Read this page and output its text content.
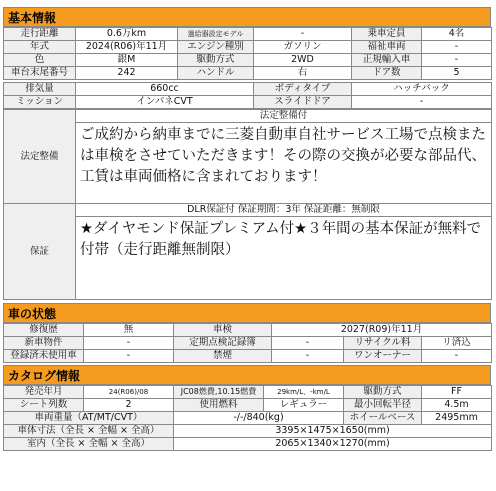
基本情報
走行距離	0.6万km	過給器設定モデル	-	乗車定員	4名
年式	2024(R06)年11月	エンジン種別	ガソリン	福祉車両	-
色	銀M	駆動方式	2WD	正規輸入車	-
車台末尾番号	242	ハンドル	右	ドア数	5
排気量	660cc	ボディタイプ	ハッチバック
ミッション	インパネCVT	スライドドア	-
法定整備	法定整備付
	ご成約から納車までに三菱自動車自社サービス工場で点検または車検をさせていただきます！その際の交換が必要な部品代、工賃は車両価格に含まれております！
保証	DLR保証付 保証期間：3年 保証距離：無制限
	★ダイヤモンド保証プレミアム付★３年間の基本保証が無料で付帯（走行距離無制限）
車の状態
修復歴	無	車検	2027(R09)年11月		
新車物件	-	定期点検記録簿	-	リサイクル料	リ済込
登録済未使用車	-	禁煙	-	ワンオーナー	-
カタログ情報
発売年月	24(R06)/08	JC08燃費,10.15燃費	29km/L、-km/L	駆動方式	FF
シート列数	2	使用燃料	レギュラー	最小回転半径	4.5m
車両重量（AT/MT/CVT）		-/-/840(kg)		ホイールベース	2495mm
車体寸法（全長 × 全幅 × 全高）		3395×1475×1650(mm)			
室内（全長 × 全幅 × 全高）		2065×1340×1270(mm)			
